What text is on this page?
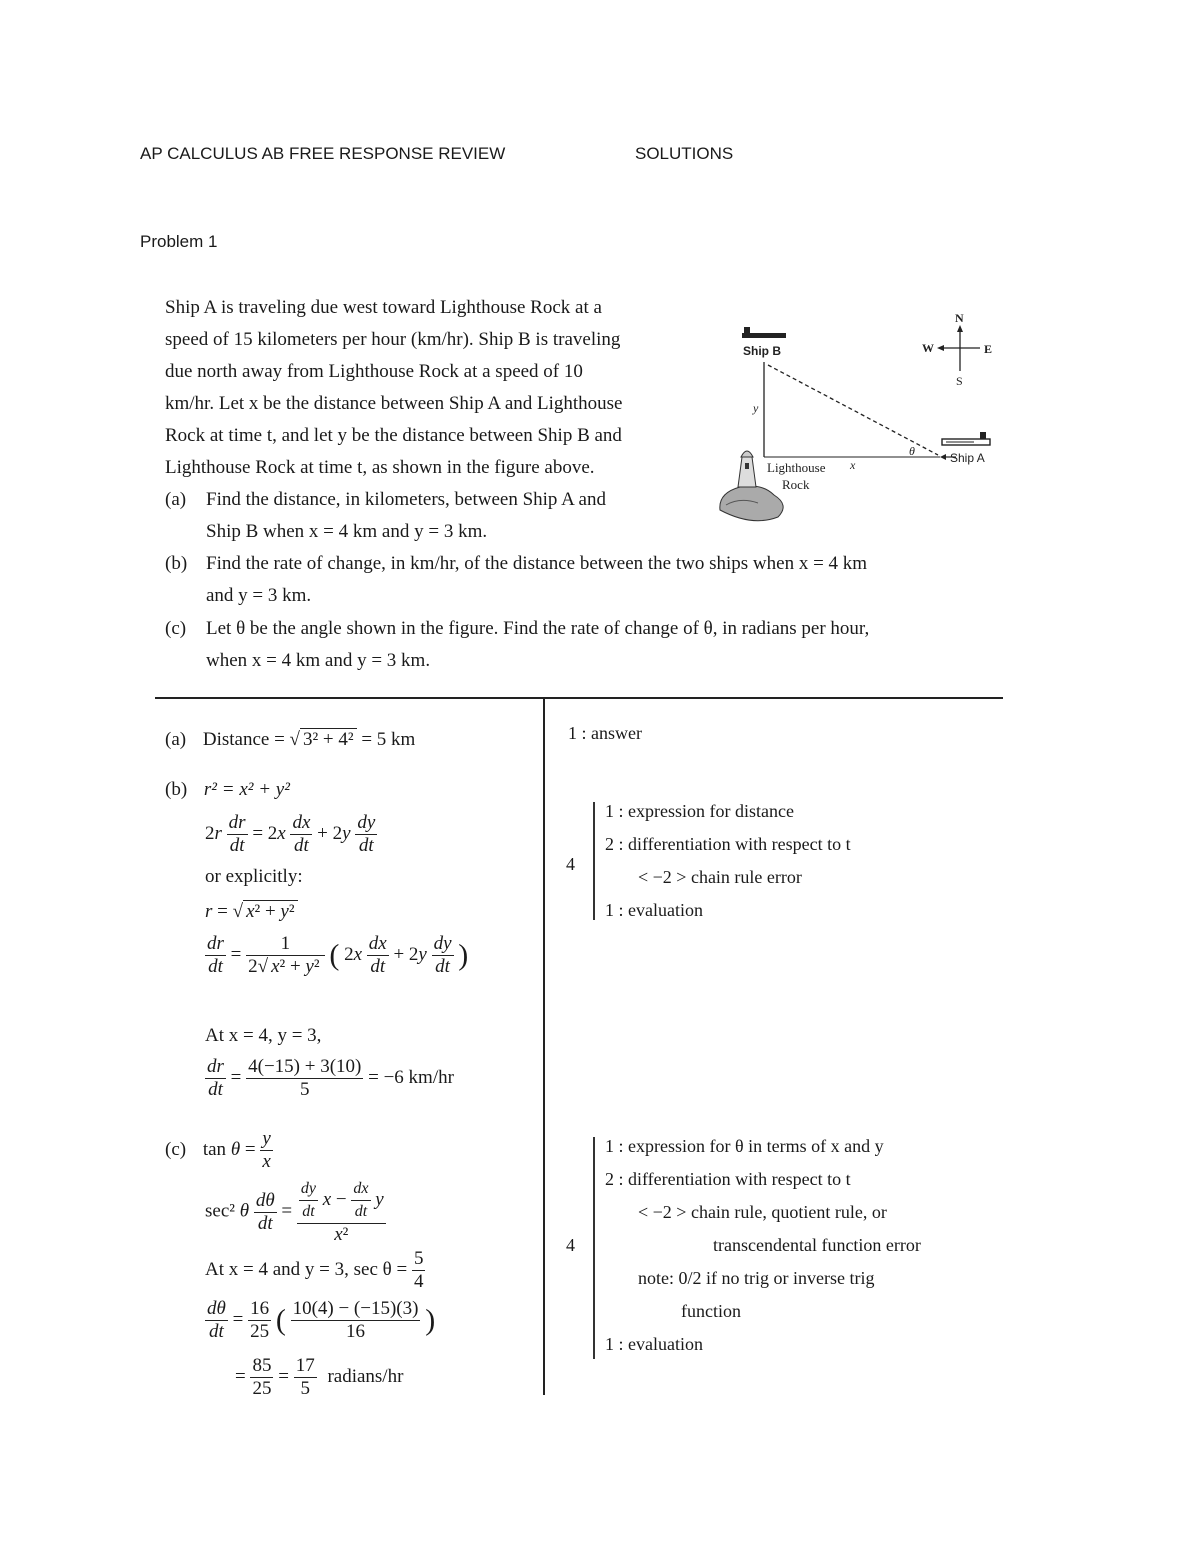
AP CALCULUS AB FREE RESPONSE REVIEW	SOLUTIONS
Problem 1
Ship A is traveling due west toward Lighthouse Rock at a
speed of 15 kilometers per hour (km/hr). Ship B is traveling
due north away from Lighthouse Rock at a speed of 10
km/hr. Let x be the distance between Ship A and Lighthouse
Rock at time t, and let y be the distance between Ship B and
Lighthouse Rock at time t, as shown in the figure above.
(a) Find the distance, in kilometers, between Ship A and
Ship B when x = 4 km and y = 3 km.
(b) Find the rate of change, in km/hr, of the distance between the two ships when x = 4 km
and y = 3 km.
(c) Let θ be the angle shown in the figure. Find the rate of change of θ, in radians per hour,
when x = 4 km and y = 3 km.
Ship B
y
x
θ	Ship A
Lighthouse
Rock
N
S
W	E
(a) Distance = √ 3² + 4² = 5 km
(b) r² = x² + y²
$2r \frac{dr}{dt} = 2x \frac{dx}{dt} + 2y \frac{dy}{dt}$
or explicitly:
r = √ x² + y²
$\frac{dr}{dt} = \frac{1}{\text{2√ x² + y²}}$ ( $2x \frac{dx}{dt} + 2y \frac{dy}{dt}$ )
At x = 4, y = 3,
$\frac{dr}{dt} = \frac{4(-15) + 3(10)}{5} = -6$ km/hr
(c) $\tan \theta = \frac{y}{x}$
sec² θ $\frac{d\theta}{dt} = \frac{\frac{dy}{dt} x - \frac{dx}{dt} y}{\text{x²}}$
At x = 4 and y = 3, $\sec \theta = \frac{5}{4}$
$\frac{d\theta}{dt} = \frac{16}{25}$ ( $\frac{10(4) - (-15)(3)}{16}$ )
= $\frac{85}{25} = \frac{17}{5}$ radians/hr
1 : answer
4
1 : expression for distance
2 : differentiation with respect to t
< −2 > chain rule error
1 : evaluation
4
1 : expression for θ in terms of x and y
2 : differentiation with respect to t
< −2 > chain rule, quotient rule, or
transcendental function error
note: 0/2 if no trig or inverse trig
function
1 : evaluation
